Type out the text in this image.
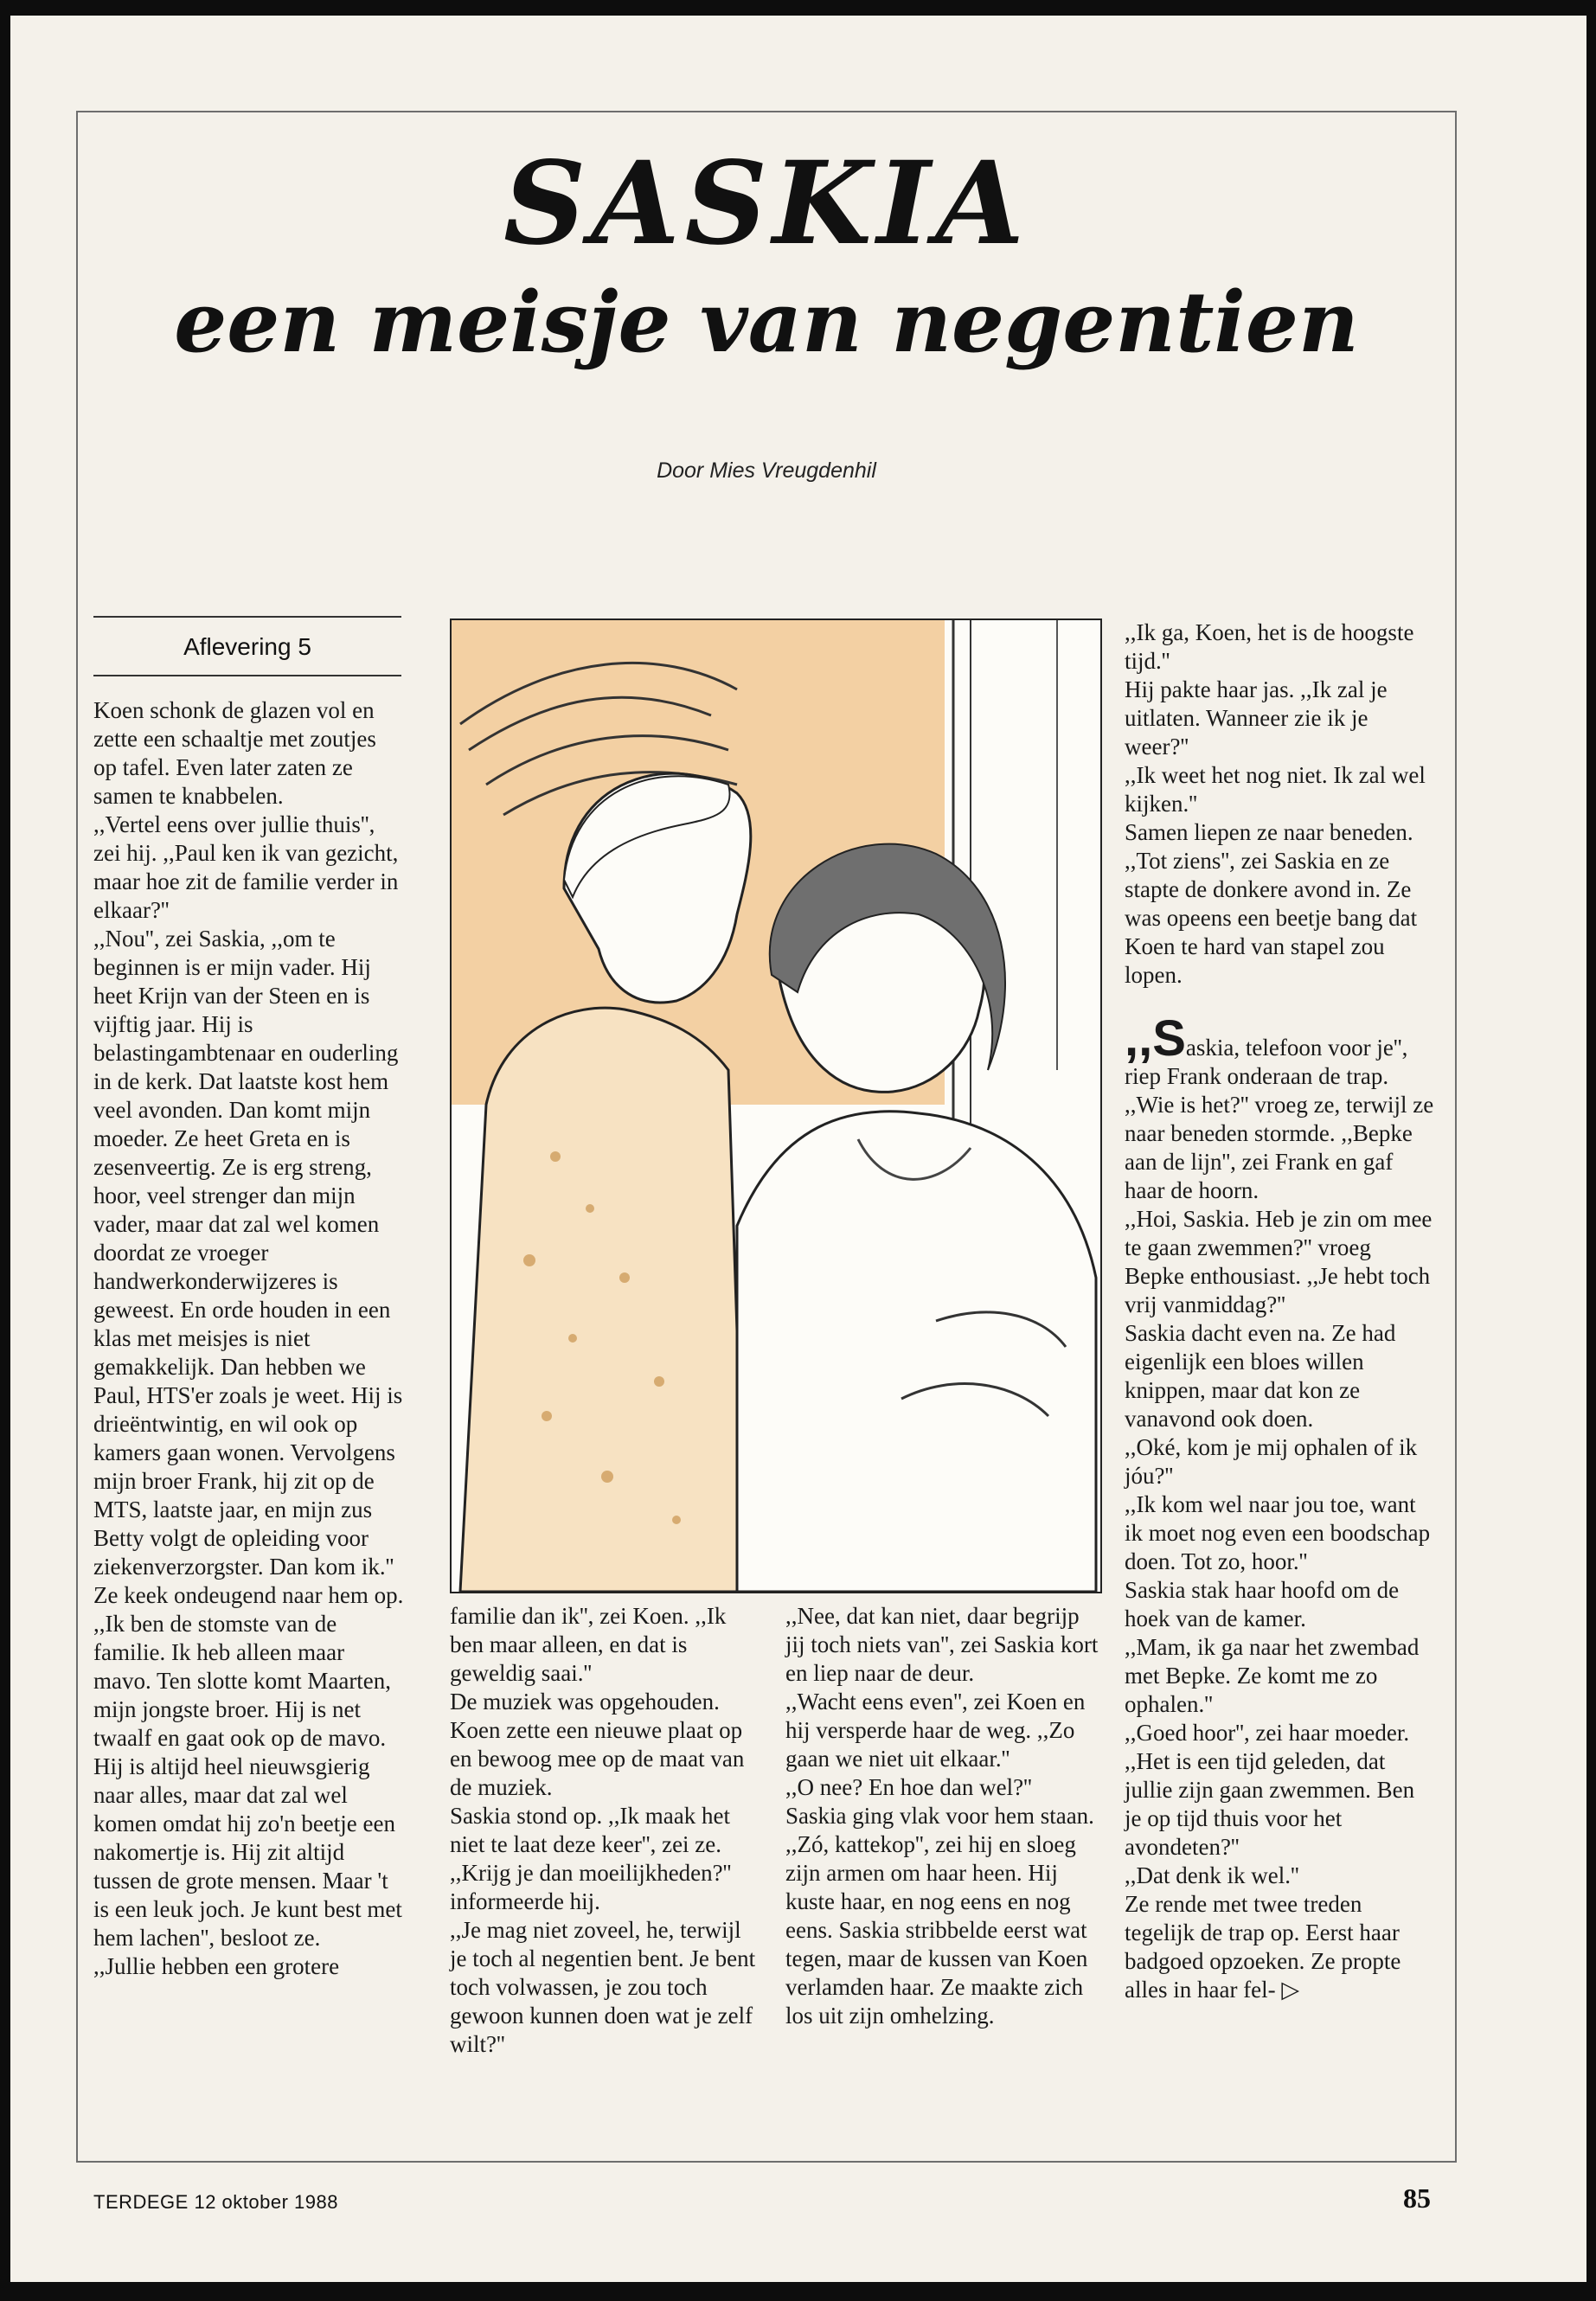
SASKIA
een meisje van negentien
Door Mies Vreugdenhil
Aflevering 5

Koen schonk de glazen vol en zette een schaaltje met zoutjes op tafel. Even later zaten ze samen te knabbelen.

,,Vertel eens over jullie thuis'', zei hij. ,,Paul ken ik van gezicht, maar hoe zit de familie verder in elkaar?''

,,Nou'', zei Saskia, ,,om te beginnen is er mijn vader. Hij heet Krijn van der Steen en is vijftig jaar. Hij is belastingambtenaar en ouderling in de kerk. Dat laatste kost hem veel avonden. Dan komt mijn moeder. Ze heet Greta en is zesenveertig. Ze is erg streng, hoor, veel strenger dan mijn vader, maar dat zal wel komen doordat ze vroeger handwerkonderwijzeres is geweest. En orde houden in een klas met meisjes is niet gemakkelijk. Dan hebben we Paul, HTS'er zoals je weet. Hij is drieëntwintig, en wil ook op kamers gaan wonen. Vervolgens mijn broer Frank, hij zit op de MTS, laatste jaar, en mijn zus Betty volgt de opleiding voor ziekenverzorgster. Dan kom ik.'' Ze keek ondeugend naar hem op.

,,Ik ben de stomste van de familie. Ik heb alleen maar mavo. Ten slotte komt Maarten, mijn jongste broer. Hij is net twaalf en gaat ook op de mavo. Hij is altijd heel nieuwsgierig naar alles, maar dat zal wel komen omdat hij zo'n beetje een nakomertje is. Hij zit altijd tussen de grote mensen. Maar 't is een leuk joch. Je kunt best met hem lachen'', besloot ze.

,,Jullie hebben een grotere

familie dan ik'', zei Koen. ,,Ik ben maar alleen, en dat is geweldig saai.''

De muziek was opgehouden. Koen zette een nieuwe plaat op en bewoog mee op de maat van de muziek.

Saskia stond op. ,,Ik maak het niet te laat deze keer'', zei ze.

,,Krijg je dan moeilijkheden?'' informeerde hij.

,,Je mag niet zoveel, he, terwijl je toch al negentien bent. Je bent toch volwassen, je zou toch gewoon kunnen doen wat je zelf wilt?''

,,Nee, dat kan niet, daar begrijp jij toch niets van'', zei Saskia kort en liep naar de deur.

,,Wacht eens even'', zei Koen en hij versperde haar de weg. ,,Zo gaan we niet uit elkaar.''

,,O nee? En hoe dan wel?'' Saskia ging vlak voor hem staan. ,,Zó, kattekop'', zei hij en sloeg zijn armen om haar heen. Hij kuste haar, en nog eens en nog eens. Saskia stribbelde eerst wat tegen, maar de kussen van Koen verlamden haar. Ze maakte zich los uit zijn omhelzing.

,,Ik ga, Koen, het is de hoogste tijd.''

Hij pakte haar jas. ,,Ik zal je uitlaten. Wanneer zie ik je weer?''

,,Ik weet het nog niet. Ik zal wel kijken.''

Samen liepen ze naar beneden. ,,Tot ziens'', zei Saskia en ze stapte de donkere avond in. Ze was opeens een beetje bang dat Koen te hard van stapel zou lopen.

,,Saskia, telefoon voor je'', riep Frank onderaan de trap.

,,Wie is het?'' vroeg ze, terwijl ze naar beneden stormde. ,,Bepke aan de lijn'', zei Frank en gaf haar de hoorn.

,,Hoi, Saskia. Heb je zin om mee te gaan zwemmen?'' vroeg Bepke enthousiast. ,,Je hebt toch vrij vanmiddag?''

Saskia dacht even na. Ze had eigenlijk een bloes willen knippen, maar dat kon ze vanavond ook doen.

,,Oké, kom je mij ophalen of ik jóu?''

,,Ik kom wel naar jou toe, want ik moet nog even een boodschap doen. Tot zo, hoor.''

Saskia stak haar hoofd om de hoek van de kamer.

,,Mam, ik ga naar het zwembad met Bepke. Ze komt me zo ophalen.''

,,Goed hoor'', zei haar moeder. ,,Het is een tijd geleden, dat jullie zijn gaan zwemmen. Ben je op tijd thuis voor het avondeten?''

,,Dat denk ik wel.''

Ze rende met twee treden tegelijk de trap op. Eerst haar badgoed opzoeken. Ze propte alles in haar fel- ▷

TERDEGE 12 oktober 1988	85
